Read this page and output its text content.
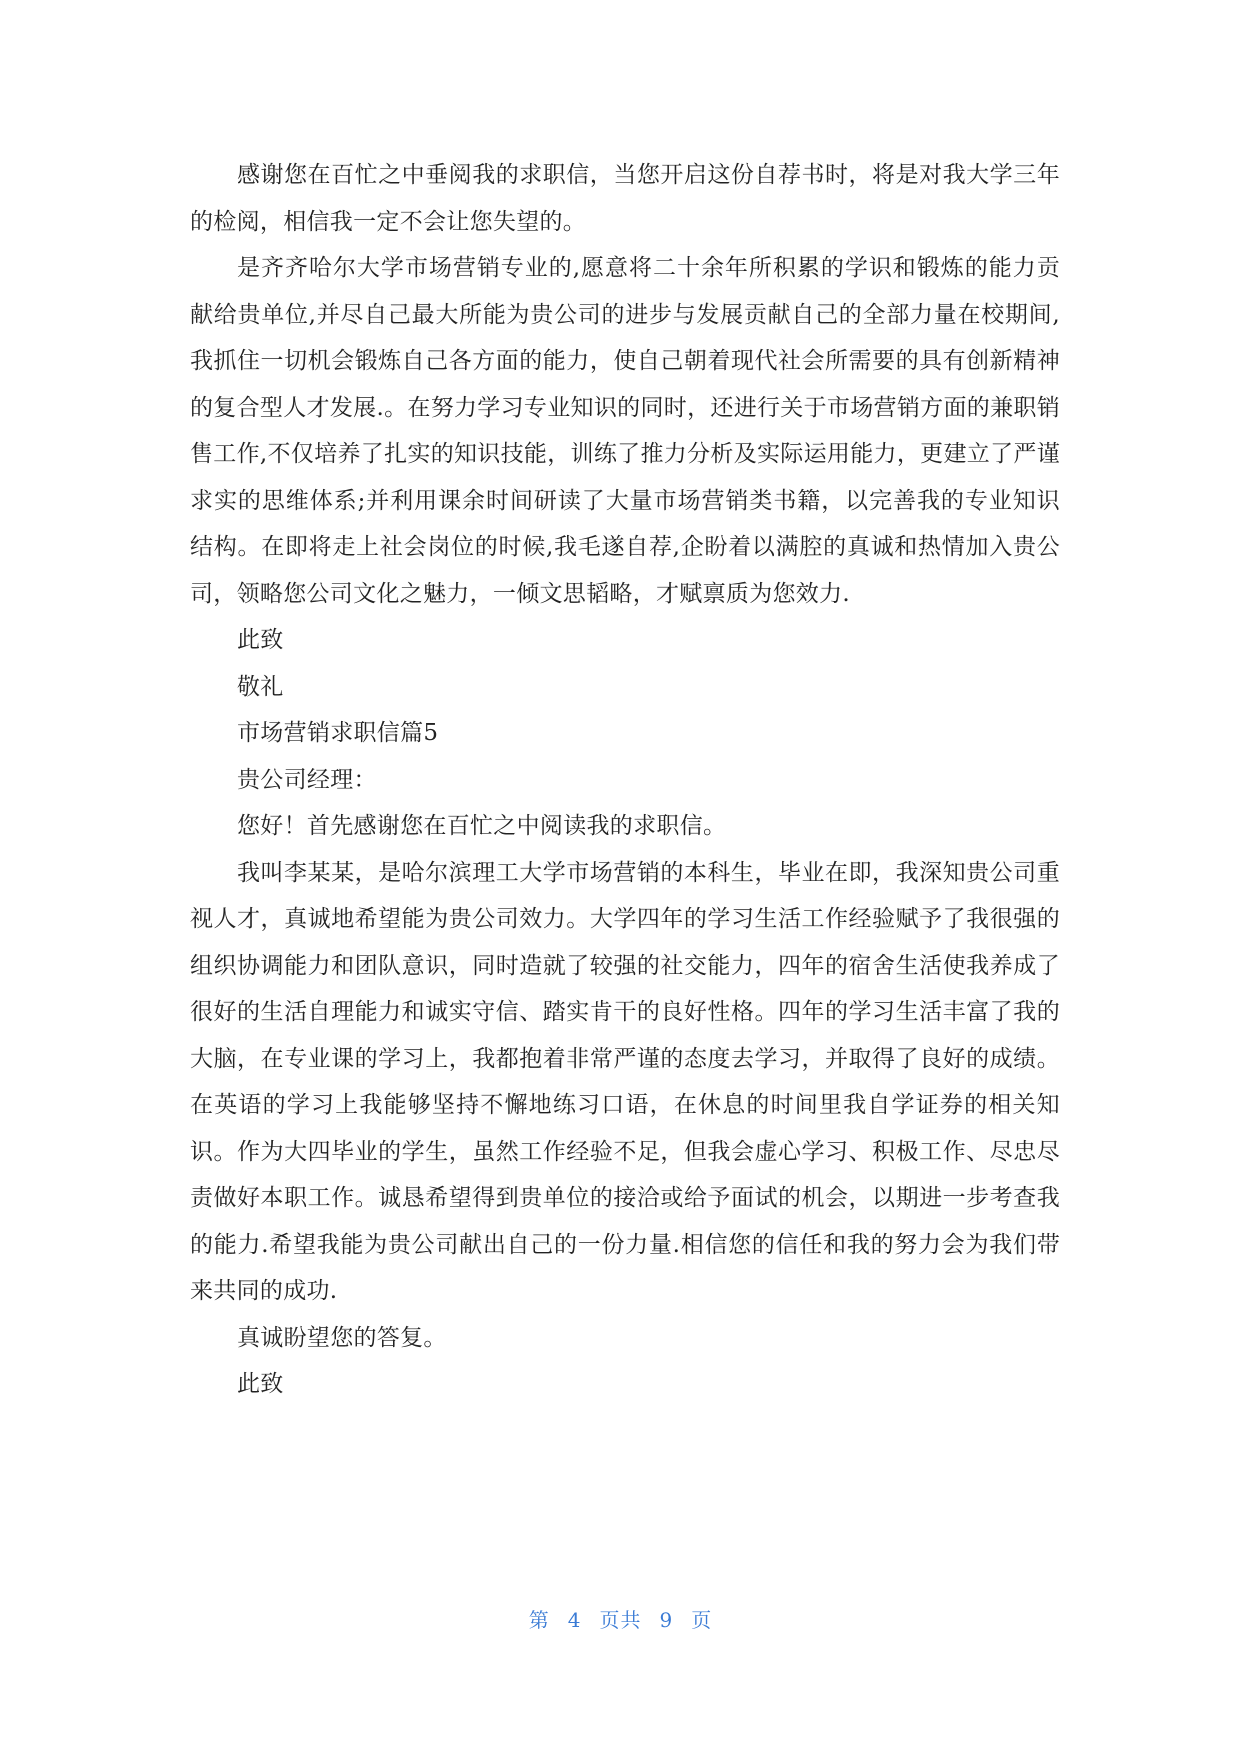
感谢您在百忙之中垂阅我的求职信，当您开启这份自荐书时，将是对我大学三年的检阅，相信我一定不会让您失望的。

是齐齐哈尔大学市场营销专业的,愿意将二十余年所积累的学识和锻炼的能力贡献给贵单位,并尽自己最大所能为贵公司的进步与发展贡献自己的全部力量在校期间,我抓住一切机会锻炼自己各方面的能力，使自己朝着现代社会所需要的具有创新精神的复合型人才发展.。在努力学习专业知识的同时，还进行关于市场营销方面的兼职销售工作,不仅培养了扎实的知识技能，训练了推力分析及实际运用能力，更建立了严谨求实的思维体系;并利用课余时间研读了大量市场营销类书籍，以完善我的专业知识结构。在即将走上社会岗位的时候,我毛遂自荐,企盼着以满腔的真诚和热情加入贵公司，领略您公司文化之魅力，一倾文思韬略，才赋禀质为您效力.

此致

敬礼

市场营销求职信篇5

贵公司经理：

您好！首先感谢您在百忙之中阅读我的求职信。

我叫李某某，是哈尔滨理工大学市场营销的本科生，毕业在即，我深知贵公司重视人才，真诚地希望能为贵公司效力。大学四年的学习生活工作经验赋予了我很强的组织协调能力和团队意识，同时造就了较强的社交能力，四年的宿舍生活使我养成了很好的生活自理能力和诚实守信、踏实肯干的良好性格。四年的学习生活丰富了我的大脑，在专业课的学习上，我都抱着非常严谨的态度去学习，并取得了良好的成绩。在英语的学习上我能够坚持不懈地练习口语，在休息的时间里我自学证券的相关知识。作为大四毕业的学生，虽然工作经验不足，但我会虚心学习、积极工作、尽忠尽责做好本职工作。诚恳希望得到贵单位的接洽或给予面试的机会，以期进一步考查我的能力.希望我能为贵公司献出自己的一份力量.相信您的信任和我的努力会为我们带来共同的成功.

真诚盼望您的答复。

此致

第 4 页共 9 页
